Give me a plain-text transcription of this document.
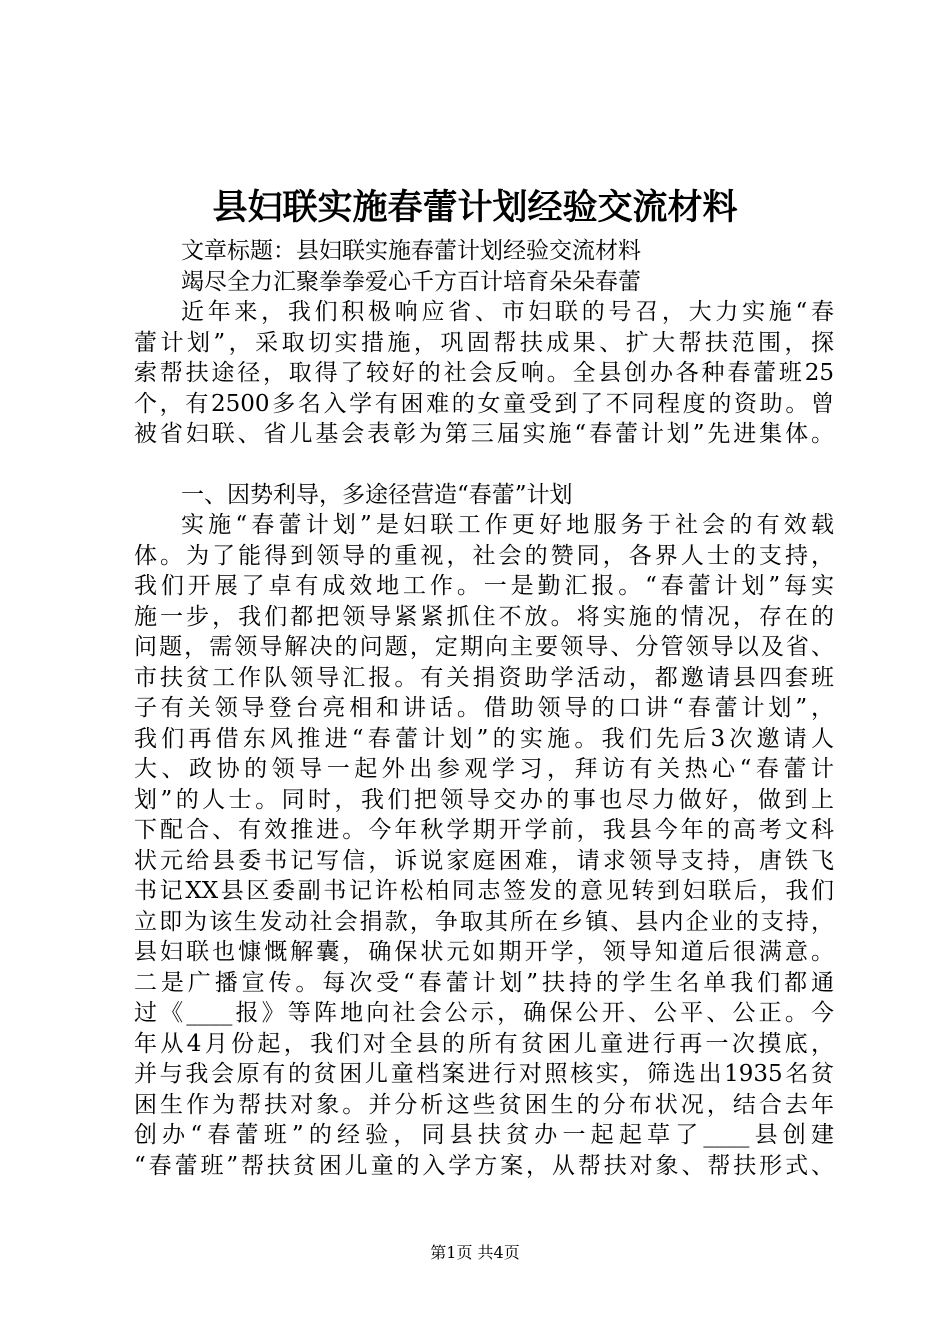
县妇联实施春蕾计划经验交流材料
文章标题：县妇联实施春蕾计划经验交流材料
竭尽全力汇聚拳拳爱心千方百计培育朵朵春蕾
近年来，我们积极响应省、市妇联的号召，大力实施“春
蕾计划”，采取切实措施，巩固帮扶成果、扩大帮扶范围，探
索帮扶途径，取得了较好的社会反响。全县创办各种春蕾班25
个，有2500多名入学有困难的女童受到了不同程度的资助。曾
被省妇联、省儿基会表彰为第三届实施“春蕾计划”先进集体。
一、因势利导，多途径营造“春蕾”计划
实施“春蕾计划”是妇联工作更好地服务于社会的有效载
体。为了能得到领导的重视，社会的赞同，各界人士的支持，
我们开展了卓有成效地工作。一是勤汇报。“春蕾计划”每实
施一步，我们都把领导紧紧抓住不放。将实施的情况，存在的
问题，需领导解决的问题，定期向主要领导、分管领导以及省、
市扶贫工作队领导汇报。有关捐资助学活动，都邀请县四套班
子有关领导登台亮相和讲话。借助领导的口讲“春蕾计划”，
我们再借东风推进“春蕾计划”的实施。我们先后3次邀请人
大、政协的领导一起外出参观学习，拜访有关热心“春蕾计
划”的人士。同时，我们把领导交办的事也尽力做好，做到上
下配合、有效推进。今年秋学期开学前，我县今年的高考文科
状元给县委书记写信，诉说家庭困难，请求领导支持，唐铁飞
书记XX县区委副书记许松柏同志签发的意见转到妇联后，我们
立即为该生发动社会捐款，争取其所在乡镇、县内企业的支持，
县妇联也慷慨解囊，确保状元如期开学，领导知道后很满意。
二是广播宣传。每次受“春蕾计划”扶持的学生名单我们都通
过《____报》等阵地向社会公示，确保公开、公平、公正。今
年从4月份起，我们对全县的所有贫困儿童进行再一次摸底，
并与我会原有的贫困儿童档案进行对照核实，筛选出1935名贫
困生作为帮扶对象。并分析这些贫困生的分布状况，结合去年
创办“春蕾班”的经验，同县扶贫办一起起草了____县创建
“春蕾班”帮扶贫困儿童的入学方案，从帮扶对象、帮扶形式、
第1页 共4页
